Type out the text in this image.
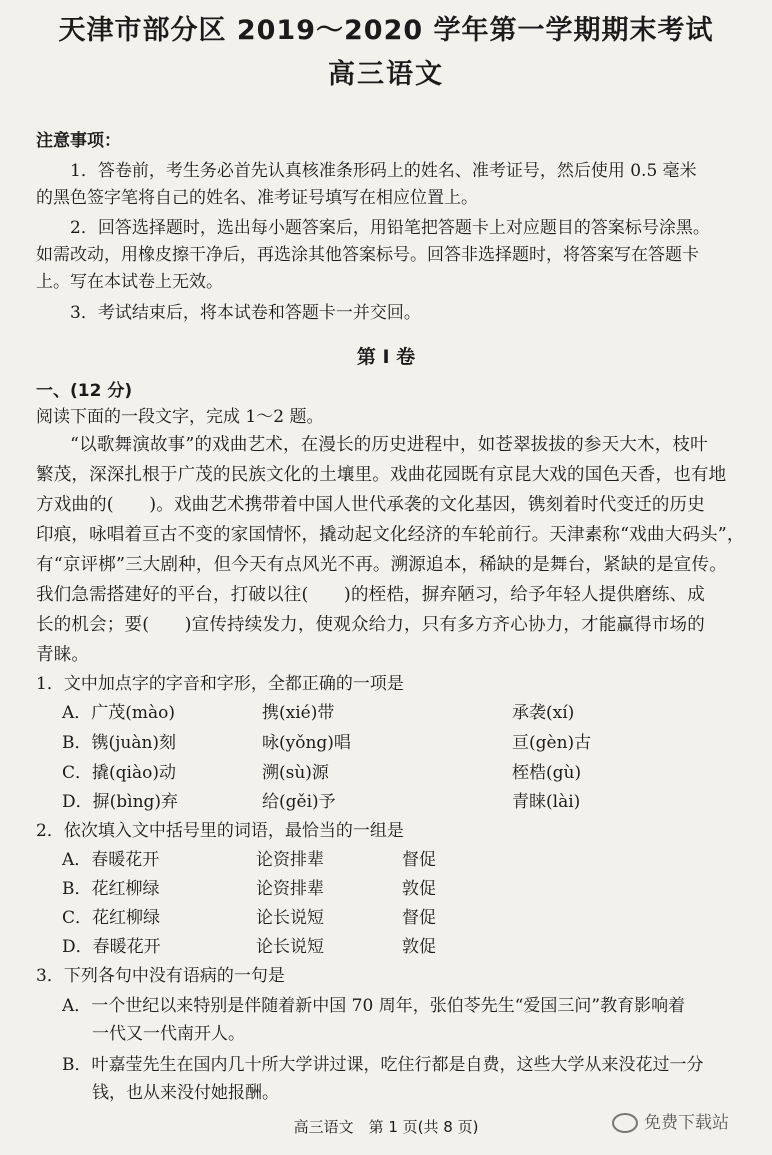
天津市部分区 2019～2020 学年第一学期期末考试
高三语文
注意事项：
1．答卷前，考生务必首先认真核准条形码上的姓名、准考证号，然后使用 0.5 毫米
的黑色签字笔将自己的姓名、准考证号填写在相应位置上。
2．回答选择题时，选出每小题答案后，用铅笔把答题卡上对应题目的答案标号涂黑。
如需改动，用橡皮擦干净后，再选涂其他答案标号。回答非选择题时，将答案写在答题卡
上。写在本试卷上无效。
3．考试结束后，将本试卷和答题卡一并交回。
第 I 卷
一、(12 分)
阅读下面的一段文字，完成 1～2 题。
“以歌舞演故事”的戏曲艺术，在漫长的历史进程中，如苍翠拔拔的参天大木，枝叶
繁茂，深深扎根于广茂的民族文化的土壤里。戏曲花园既有京昆大戏的国色天香，也有地
方戏曲的(　　)。戏曲艺术携带着中国人世代承袭的文化基因，镌刻着时代变迁的历史
印痕，咏唱着亘古不变的家国情怀，撬动起文化经济的车轮前行。天津素称“戏曲大码头”，
有“京评梆”三大剧种，但今天有点风光不再。溯源追本，稀缺的是舞台，紧缺的是宣传。
我们急需搭建好的平台，打破以往(　　)的桎梏，摒弃陋习，给予年轻人提供磨练、成
长的机会；要(　　)宣传持续发力，使观众给力，只有多方齐心协力，才能赢得市场的
青睐。
1．文中加点字的字音和字形，全都正确的一项是
A．广茂(mào)	携(xié)带	承袭(xí)
B．镌(juàn)刻	咏(yǒng)唱	亘(gèn)古
C．撬(qiào)动	溯(sù)源	桎梏(gù)
D．摒(bìng)弃	给(gěi)予	青睐(lài)
2．依次填入文中括号里的词语，最恰当的一组是
A．春暖花开	论资排辈	督促
B．花红柳绿	论资排辈	敦促
C．花红柳绿	论长说短	督促
D．春暖花开	论长说短	敦促
3．下列各句中没有语病的一句是
A．一个世纪以来特别是伴随着新中国 70 周年，张伯苓先生“爱国三问”教育影响着
一代又一代南开人。
B．叶嘉莹先生在国内几十所大学讲过课，吃住行都是自费，这些大学从来没花过一分
钱，也从来没付她报酬。
高三语文　第 1 页(共 8 页)	免费下载站
